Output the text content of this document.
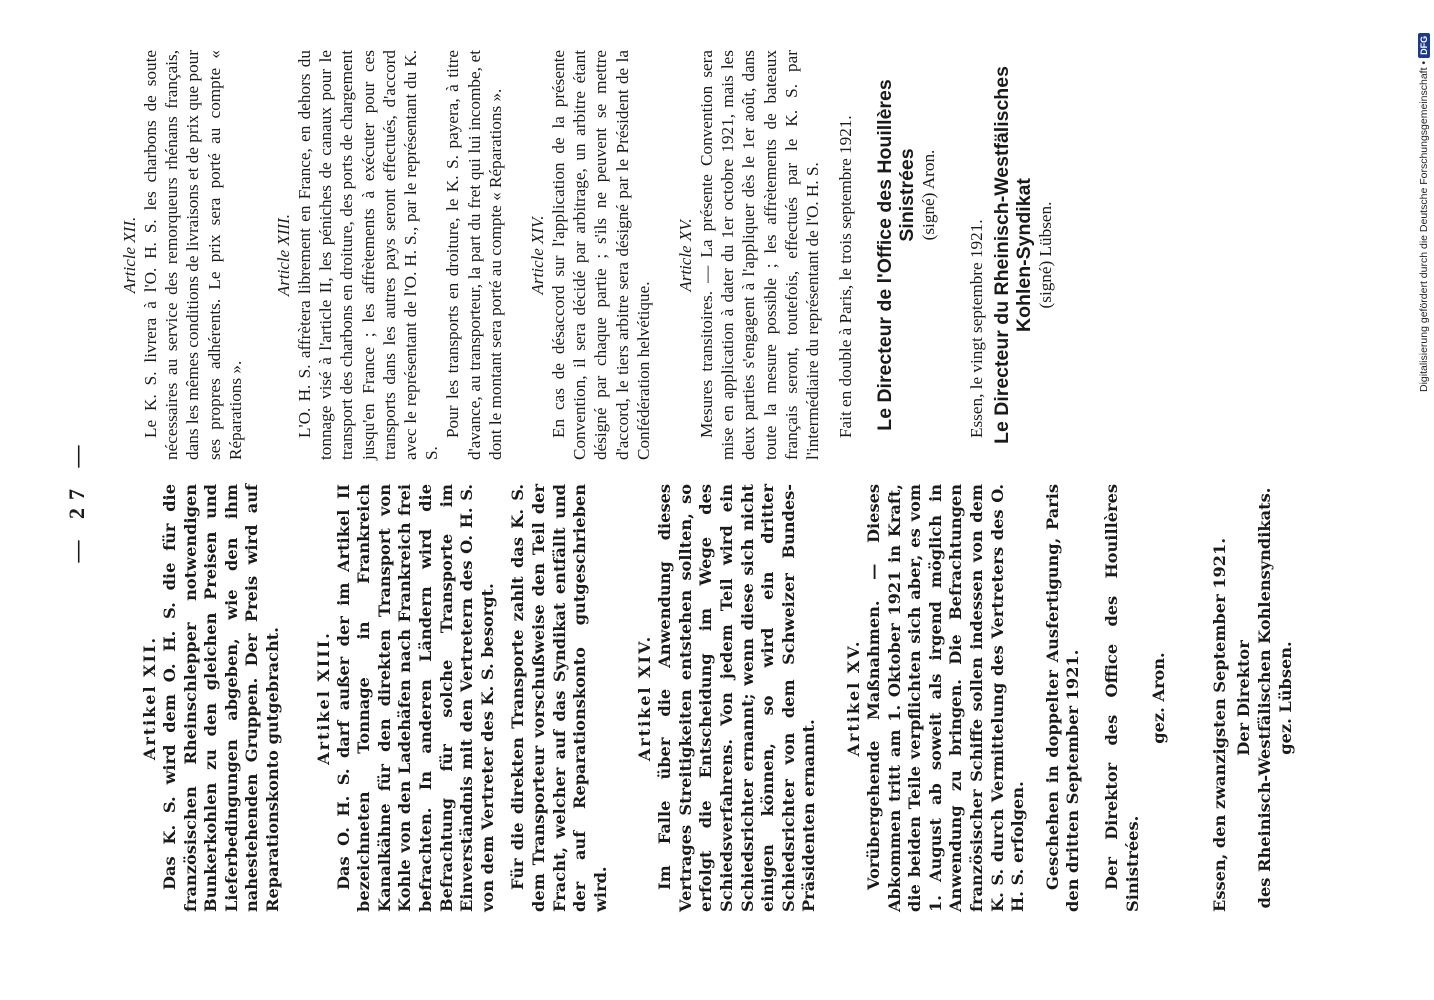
— 27 —
Artikel XII. Das K. S. wird dem O. H. S. die für die französischen Rheinschlepper notwendigen Bunkerkohlen zu den gleichen Preisen und Lieferbedingungen abgeben, wie den ihm nahestehenden Gruppen. Der Preis wird auf Reparationskonto gutgebracht. Artikel XIII. Das O. H. S. darf außer der im Artikel II bezeichneten Tonnage in Frankreich Kanalkähne für den direkten Transport von Kohle von den Ladehäfen nach Frankreich frei befrachten. In anderen Ländern wird die Befrachtung für solche Transporte im Einverständnis mit den Vertretern des O. H. S. von dem Vertreter des K. S. besorgt. Für die direkten Transporte zahlt das K. S. dem Transporteur vorschußweise den Teil der Fracht, welcher auf das Syndikat entfällt und der auf Reparationskonto gutgeschrieben wird.

Artikel XIV. Im Falle über die Anwendung dieses Vertrages Streitigkeiten entstehen sollten, so erfolgt die Entscheidung im Wege des Schiedsverfahrens. Von jedem Teil wird ein Schiedsrichter ernannt; wenn diese sich nicht einigen können, so wird ein dritter Schiedsrichter von dem Schweizer Bundes-Präsidenten ernannt.

Artikel XV. Vorübergehende Maßnahmen. — Dieses Abkommen tritt am 1. Oktober 1921 in Kraft, die beiden Teile verpflichten sich aber, es vom 1. August ab soweit als irgend möglich in Anwendung zu bringen. Die Befrachtungen französischer Schiffe sollen indessen von dem K. S. durch Vermittelung des Vertreters des O. H. S. erfolgen. Geschehen in doppelter Ausfertigung, Paris den dritten September 1921. Der Direktor des Office des Houillères Sinistrées.

gez. Aron.	Essen, den zwanzigsten September 1921. Der Direktor des Rheinisch-Westfälischen Kohlensyndikats. gez. Lübsen.
Article XII. Le K. S. livrera à l'O. H. S. les charbons de soute nécessaires au service des remorqueurs rhénans français, dans les mêmes conditions de livraisons et de prix que pour ses propres adhérents. Le prix sera porté au compte « Réparations ».

Article XIII. L'O. H. S. affrètera librement en France, en dehors du tonnage visé à l'article II, les péniches de canaux pour le transport des charbons en droiture, des ports de chargement jusqu'en France ; les affrètements à exécuter pour ces transports dans les autres pays seront effectués, d'accord avec le représentant de l'O. H. S., par le représentant du K. S.

Pour les transports en droiture, le K. S. payera, à titre d'avance, au transporteur, la part du fret qui lui incombe, et dont le montant sera porté au compte « Réparations ». Article XIV. En cas de désaccord sur l'application de la présente Convention, il sera décidé par arbitrage, un arbitre étant désigné par chaque partie ; s'ils ne peuvent se mettre d'accord, le tiers arbitre sera désigné par le Président de la Confédération helvétique.

Article XV. Mesures transitoires. — La présente Convention sera mise en application à dater du 1er octobre 1921, mais les deux parties s'engagent à l'appliquer dès le 1er août, dans toute la mesure possible ; les affrètements de bateaux français seront, toutefois, effectués par le K. S. par l'intermédiaire du représentant de l'O. H. S. Fait en double à Paris, le trois septembre 1921. Le Directeur de l'Office des Houillères Sinistrées (signé) Aron.

Essen, le vingt septembre 1921. Le Directeur du Rheinisch-Westfälisches Kohlen-Syndikat (signé) Lübsen.	Digitalisierung gefördert durch die Deutsche Forschungsgemeinschaft •
DFG
